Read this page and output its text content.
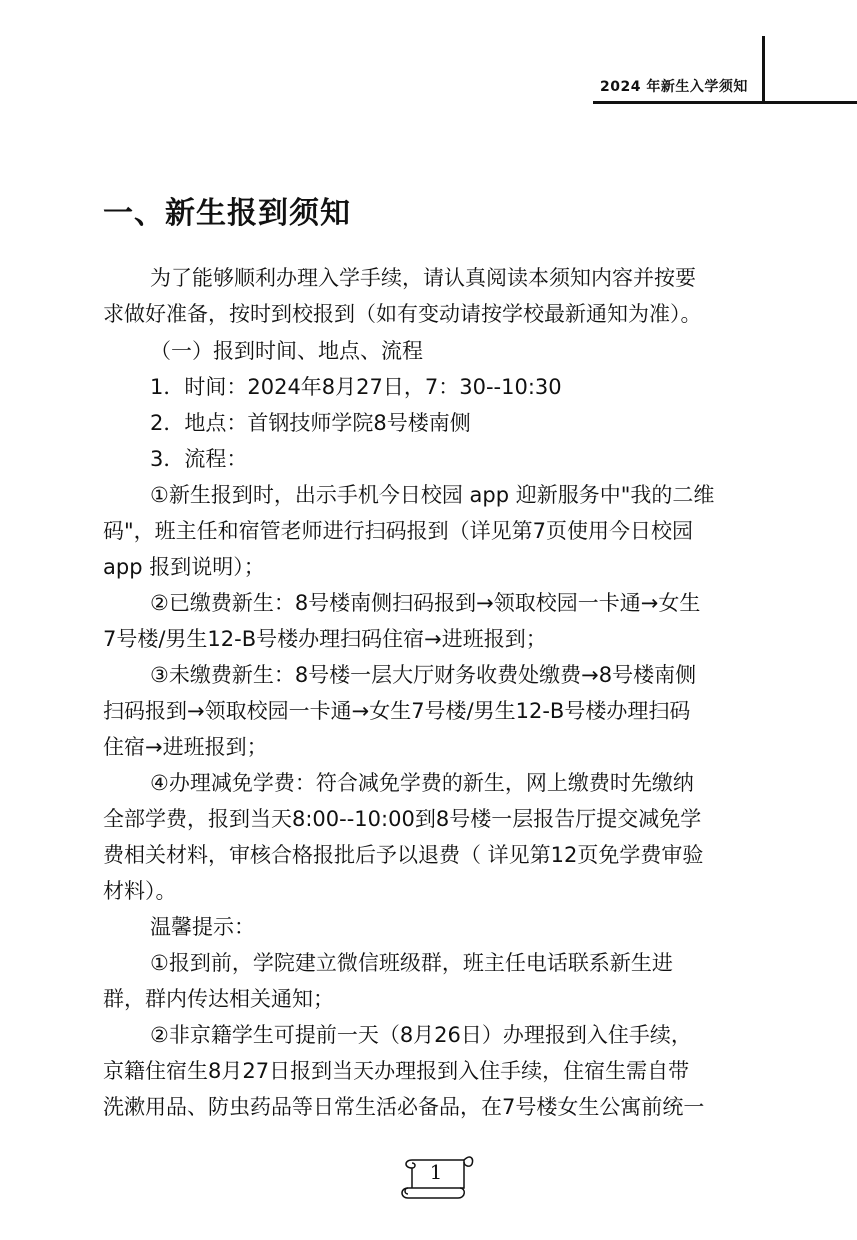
2024 年新生入学须知
一、新生报到须知
为了能够顺利办理入学手续，请认真阅读本须知内容并按要
求做好准备，按时到校报到（如有变动请按学校最新通知为准）。
（一）报到时间、地点、流程
1．时间：2024年8月27日，7：30--10:30
2．地点：首钢技师学院8号楼南侧
3．流程：
①新生报到时，出示手机今日校园 app 迎新服务中"我的二维
码"，班主任和宿管老师进行扫码报到（详见第7页使用今日校园
app 报到说明）；
②已缴费新生：8号楼南侧扫码报到→领取校园一卡通→女生
7号楼/男生12-B号楼办理扫码住宿→进班报到；
③未缴费新生：8号楼一层大厅财务收费处缴费→8号楼南侧
扫码报到→领取校园一卡通→女生7号楼/男生12-B号楼办理扫码
住宿→进班报到；
④办理减免学费：符合减免学费的新生，网上缴费时先缴纳
全部学费，报到当天8:00--10:00到8号楼一层报告厅提交减免学
费相关材料，审核合格报批后予以退费（ 详见第12页免学费审验
材料）。
温馨提示：
①报到前，学院建立微信班级群，班主任电话联系新生进
群，群内传达相关通知；
②非京籍学生可提前一天（8月26日）办理报到入住手续，
京籍住宿生8月27日报到当天办理报到入住手续，住宿生需自带
洗漱用品、防虫药品等日常生活必备品，在7号楼女生公寓前统一
1
